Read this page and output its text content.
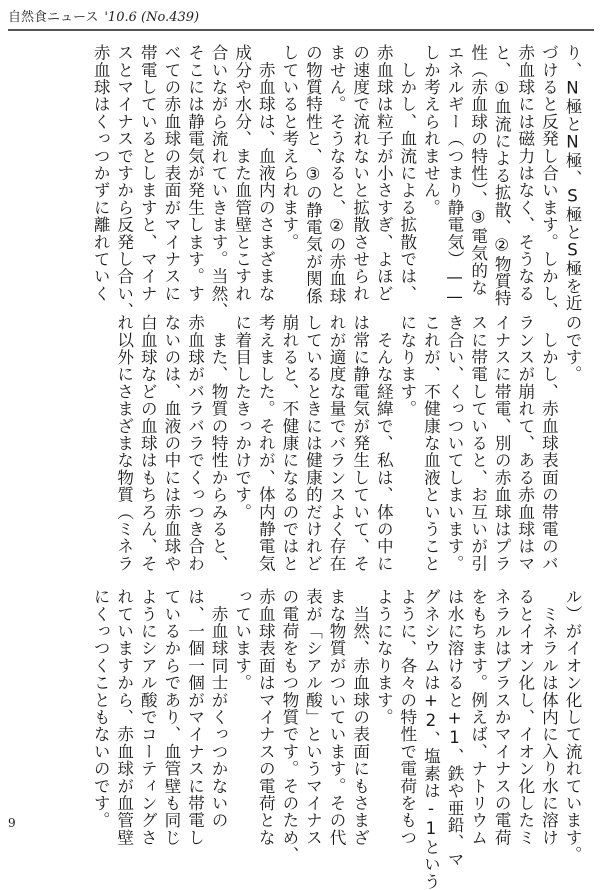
自然食ニュース '10.6 (No.439)
り、N極とN極、S極とS極を近
づけると反発し合います。しかし、
赤血球には磁力はなく、そうなる
と、①血流による拡散、②物質特
性（赤血球の特性）、③電気的な
エネルギー（つまり静電気）——
しか考えられません。
　しかし、血流による拡散では、
赤血球は粒子が小さすぎ、よほど
の速度で流れないと拡散させられ
ません。そうなると、②の赤血球
の物質特性と、③の静電気が関係
していると考えられます。
　赤血球は、血液内のさまざまな
成分や水分、また血管壁とこすれ
合いながら流れていきます。当然、
そこには静電気が発生します。す
べての赤血球の表面がマイナスに
帯電しているとしますと、マイナ
スとマイナスですから反発し合い、
赤血球はくっつかずに離れていく
のです。
　しかし、赤血球表面の帯電のバ
ランスが崩れて、ある赤血球はマ
イナスに帯電、別の赤血球はプラ
スに帯電していると、お互いが引
き合い、くっついてしまいます。
これが、不健康な血液ということ
になります。
　そんな経緯で、私は、体の中に
は常に静電気が発生していて、そ
れが適度な量でバランスよく存在
しているときには健康的だけれど
崩れると、不健康になるのではと
考えました。それが、体内静電気
に着目したきっかけです。
　また、物質の特性からみると、
赤血球がバラバラでくっつき合わ
ないのは、血液の中には赤血球や
白血球などの血球はもちろん、そ
れ以外にさまざまな物質（ミネラ
ル）がイオン化して流れています。
　ミネラルは体内に入り水に溶け
るとイオン化し、イオン化したミ
ネラルはプラスかマイナスの電荷
をもちます。例えば、ナトリウム
は水に溶けると+1、鉄や亜鉛、マ
グネシウムは+2、塩素は-1という
ように、各々の特性で電荷をもつ
ようになります。
　当然、赤血球の表面にもさまざ
まな物質がついています。その代
表が「シアル酸」というマイナス
の電荷をもつ物質です。そのため、
赤血球表面はマイナスの電荷とな
っています。
　赤血球同士がくっつかないの
は、一個一個がマイナスに帯電し
ているからであり、血管壁も同じ
ようにシアル酸でコーティングさ
れていますから、赤血球が血管壁
にくっつくこともないのです。
9
